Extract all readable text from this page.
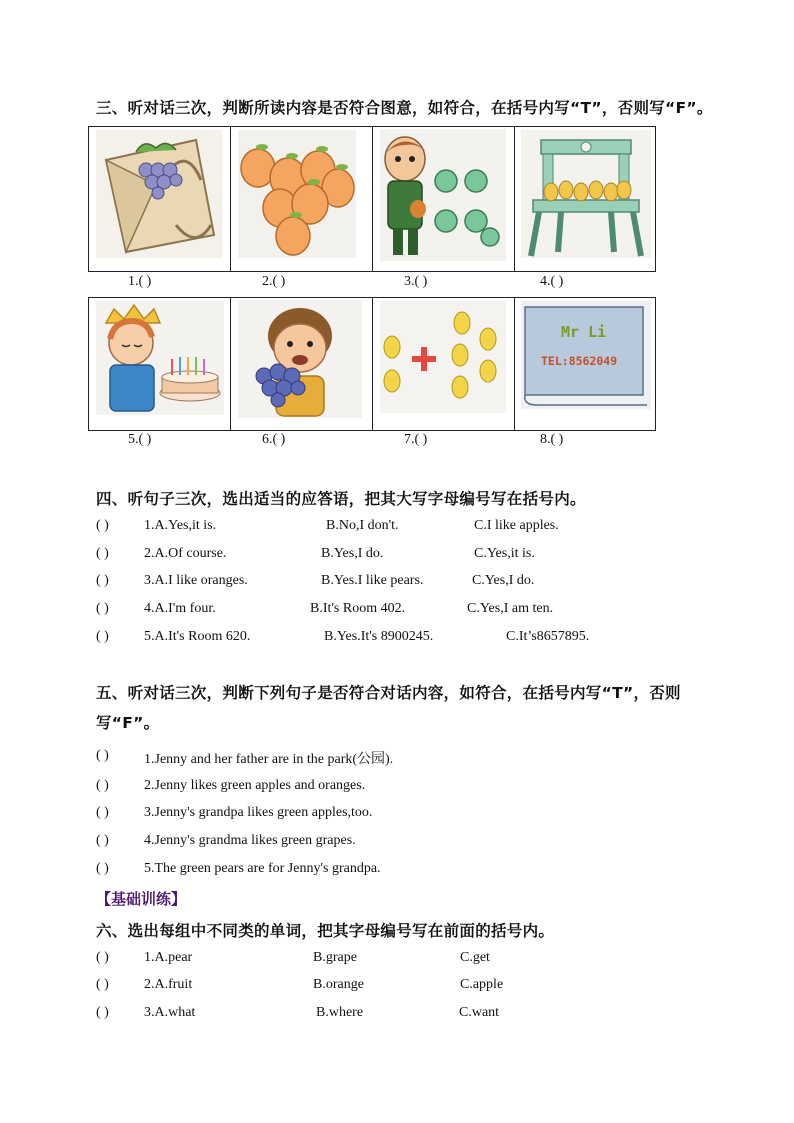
三、听对话三次，判断所读内容是否符合图意，如符合，在括号内写“T”，否则写“F”。
1.( )	2.( )	3.( )	4.( )
Mr Li
TEL:8562049
5.( )	6.( )	7.( )	8.( )
四、听句子三次，选出适当的应答语，把其大写字母编号写在括号内。
( )	1.A.Yes,it is.	B.No,I don't.	C.I like apples.
( )	2.A.Of course.	B.Yes,I do.	C.Yes,it is.
( )	3.A.I like oranges.	B.Yes.I like pears.	C.Yes,I do.
( )	4.A.I'm four.	B.It's Room 402.	C.Yes,I am ten.
( )	5.A.It's Room 620.	B.Yes.It's 8900245.	C.It’s8657895.
五、听对话三次，判断下列句子是否符合对话内容，如符合，在括号内写“T”，否则写“F”。
( )	1.Jenny and her father are in the park(公园).
( )	2.Jenny likes green apples and oranges.
( )	3.Jenny's grandpa likes green apples,too.
( )	4.Jenny's grandma likes green grapes.
( )	5.The green pears are for Jenny's grandpa.
【基础训练】
六、选出每组中不同类的单词，把其字母编号写在前面的括号内。
( )	1.A.pear	B.grape	C.get
( )	2.A.fruit	B.orange	C.apple
( )	3.A.what	B.where	C.want
